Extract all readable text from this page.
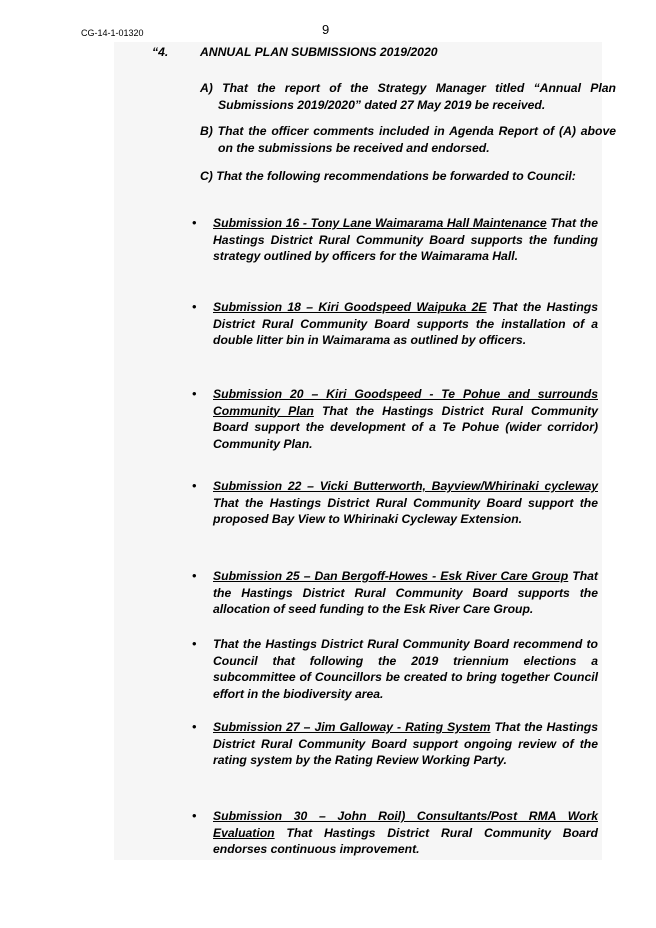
CG-14-1-01320	9
“4.	ANNUAL PLAN SUBMISSIONS 2019/2020
A) That the report of the Strategy Manager titled “Annual Plan Submissions 2019/2020” dated 27 May 2019 be received.
B) That the officer comments included in Agenda Report of (A) above on the submissions be received and endorsed.
C) That the following recommendations be forwarded to Council:
• Submission 16 - Tony Lane Waimarama Hall Maintenance That the Hastings District Rural Community Board supports the funding strategy outlined by officers for the Waimarama Hall.
• Submission 18 – Kiri Goodspeed Waipuka 2E That the Hastings District Rural Community Board supports the installation of a double litter bin in Waimarama as outlined by officers.
• Submission 20 – Kiri Goodspeed - Te Pohue and surrounds Community Plan That the Hastings District Rural Community Board support the development of a Te Pohue (wider corridor) Community Plan.
• Submission 22 – Vicki Butterworth, Bayview/Whirinaki cycleway That the Hastings District Rural Community Board support the proposed Bay View to Whirinaki Cycleway Extension.
• Submission 25 – Dan Bergoff-Howes - Esk River Care Group That the Hastings District Rural Community Board supports the allocation of seed funding to the Esk River Care Group.
• That the Hastings District Rural Community Board recommend to Council that following the 2019 triennium elections a subcommittee of Councillors be created to bring together Council effort in the biodiversity area.
• Submission 27 – Jim Galloway - Rating System That the Hastings District Rural Community Board support ongoing review of the rating system by the Rating Review Working Party.
• Submission 30 – John Roil) Consultants/Post RMA Work Evaluation That Hastings District Rural Community Board endorses continuous improvement.
